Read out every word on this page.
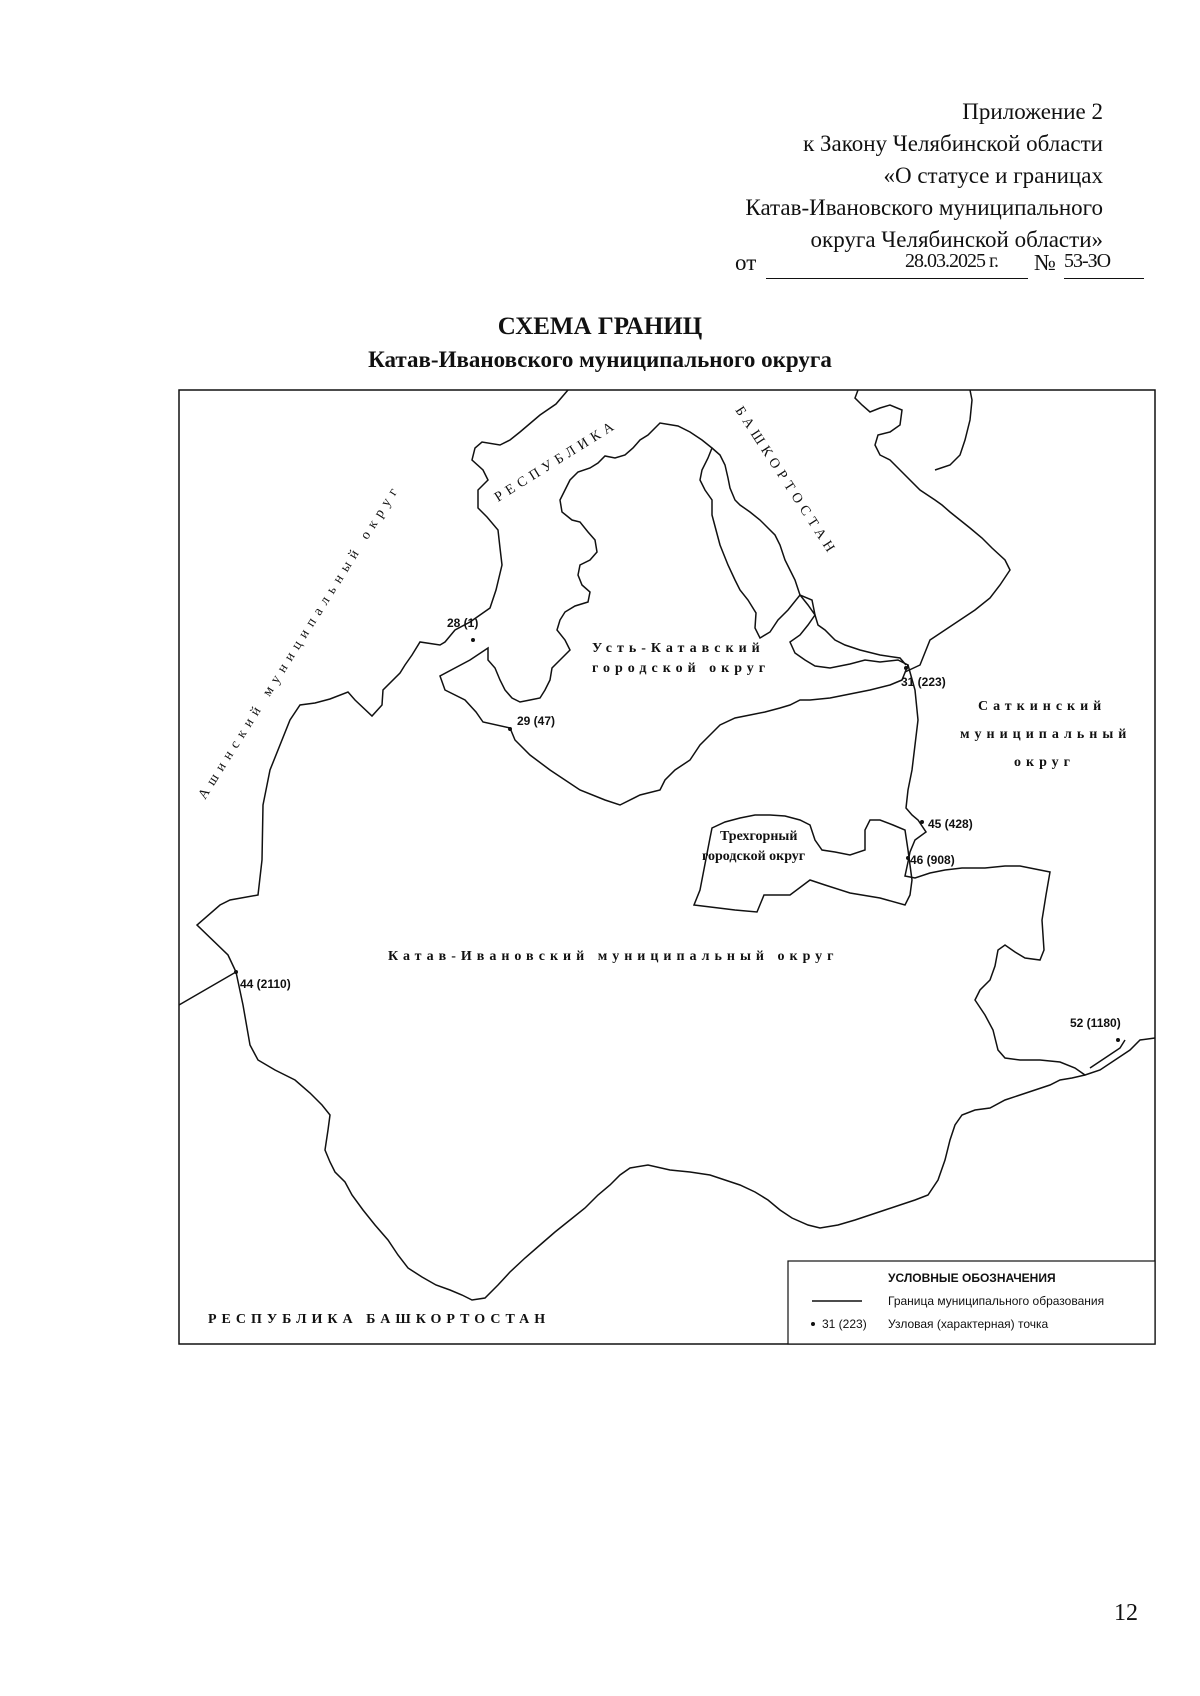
Приложение 2
к Закону Челябинской области
«О статусе и границах
Катав-Ивановского муниципального
округа Челябинской области»
от	28.03.2025 г.	№ 53-ЗО
СХЕМА ГРАНИЦ
Катав-Ивановского муниципального округа
Ашинский муниципальный округ
РЕСПУБЛИКА	БАШКОРТОСТАН
Усть-Катавский
городской округ
Саткинский
муниципальный
округ
Трехгорный
городской округ
Катав-Ивановский муниципальный округ
РЕСПУБЛИКА БАШКОРТОСТАН
28 (1)
29 (47)
31 (223)
45 (428)
46 (908)
44 (2110)
52 (1180)
УСЛОВНЫЕ ОБОЗНАЧЕНИЯ
Граница муниципального образования
31 (223) Узловая (характерная) точка
12
